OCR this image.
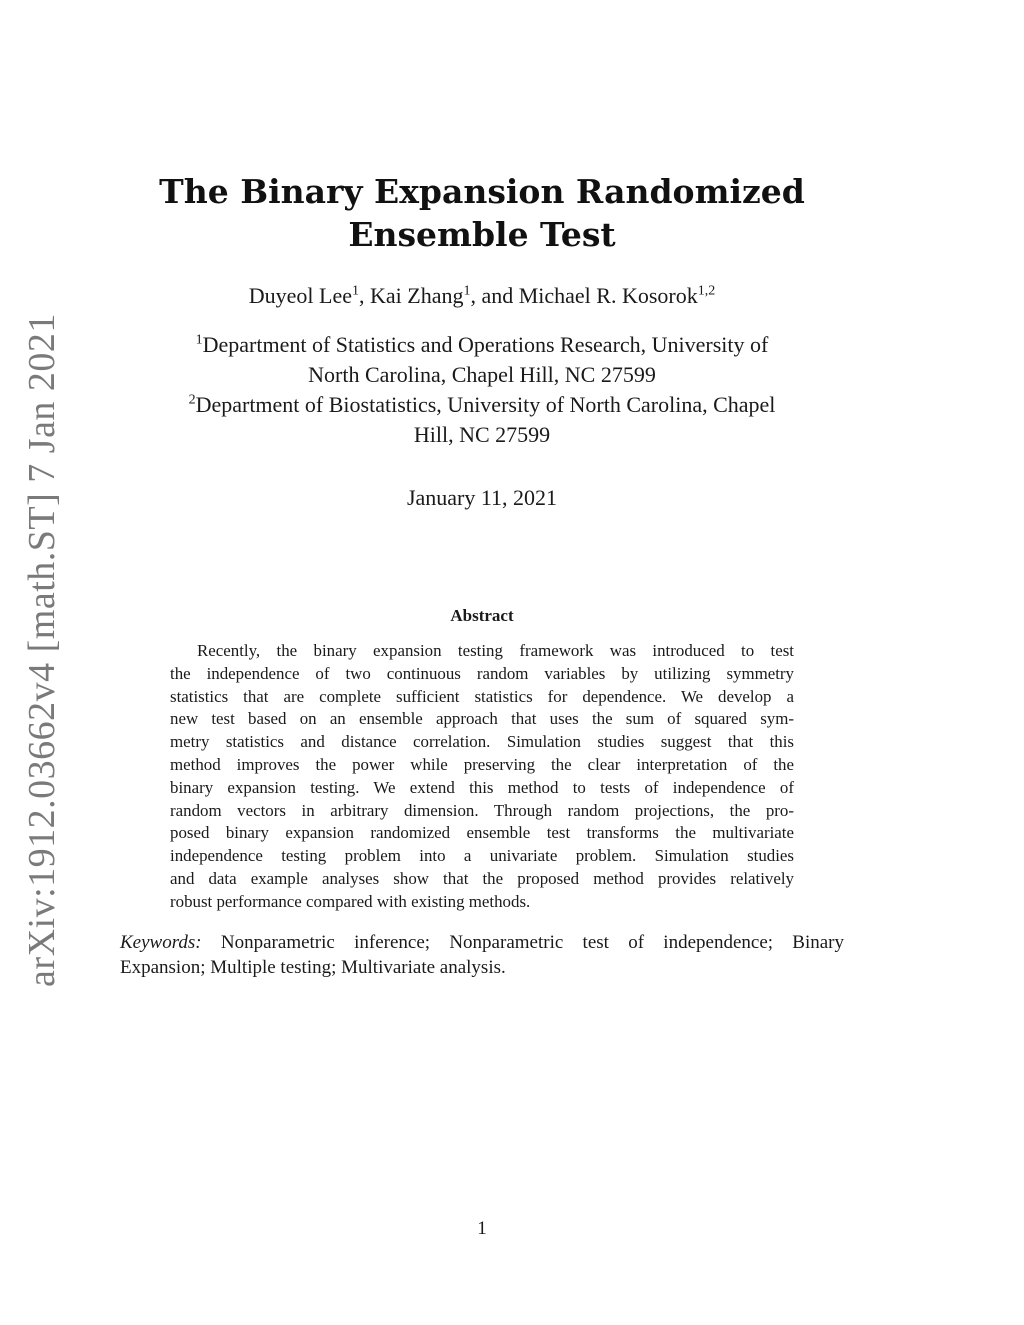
arXiv:1912.03662v4 [math.ST] 7 Jan 2021
The Binary Expansion Randomized
Ensemble Test
Duyeol Lee$^1$, Kai Zhang$^1$, and Michael R. Kosorok$^{1,2}$
$^1$Department of Statistics and Operations Research, University of
North Carolina, Chapel Hill, NC 27599
$^2$Department of Biostatistics, University of North Carolina, Chapel
Hill, NC 27599
January 11, 2021
Abstract
Recently, the binary expansion testing framework was introduced to test
the independence of two continuous random variables by utilizing symmetry
statistics that are complete sufficient statistics for dependence. We develop a
new test based on an ensemble approach that uses the sum of squared sym-
metry statistics and distance correlation. Simulation studies suggest that this
method improves the power while preserving the clear interpretation of the
binary expansion testing. We extend this method to tests of independence of
random vectors in arbitrary dimension. Through random projections, the pro-
posed binary expansion randomized ensemble test transforms the multivariate
independence testing problem into a univariate problem. Simulation studies
and data example analyses show that the proposed method provides relatively
robust performance compared with existing methods.
Keywords: Nonparametric inference; Nonparametric test of independence; Binary
Expansion; Multiple testing; Multivariate analysis.
1
